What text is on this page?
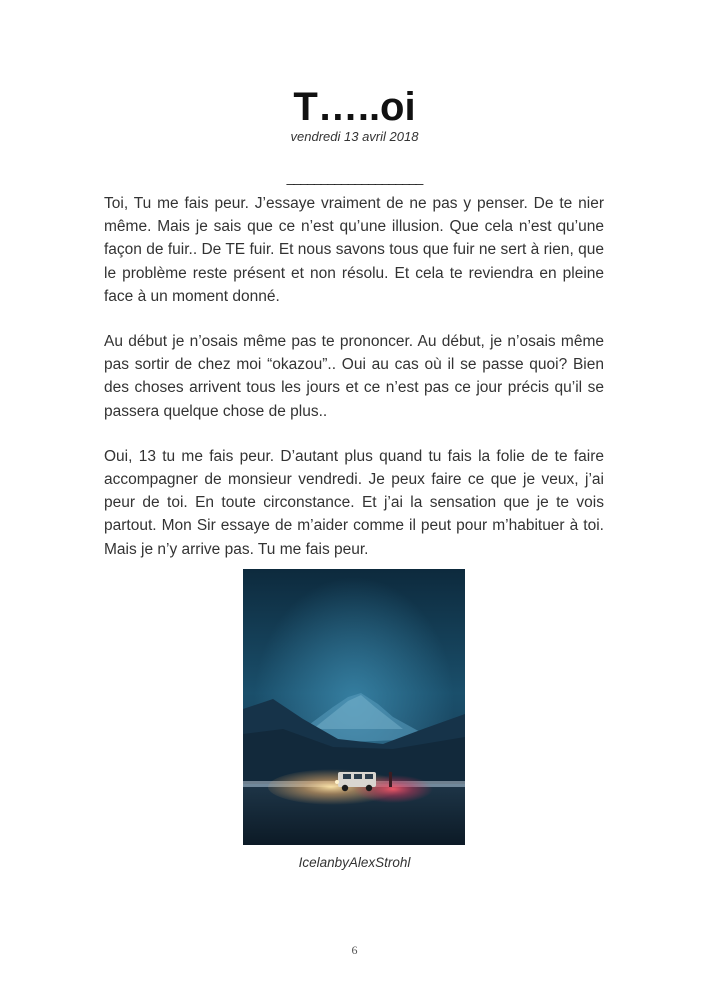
T…..oi
vendredi 13 avril 2018
____________________

Toi, Tu me fais peur. J’essaye vraiment de ne pas y penser. De te nier même. Mais je sais que ce n’est qu’une illusion. Que cela n’est qu’une façon de fuir.. De TE fuir. Et nous savons tous que fuir ne sert à rien, que le problème reste présent et non résolu. Et cela te reviendra en pleine face à un moment donné.

Au début je n’osais même pas te prononcer. Au début, je n’osais même pas sortir de chez moi “okazou”.. Oui au cas où il se passe quoi? Bien des choses arrivent tous les jours et ce n’est pas ce jour précis qu’il se passera quelque chose de plus..

Oui, 13 tu me fais peur. D’autant plus quand tu fais la folie de te faire accompagner de monsieur vendredi. Je peux faire ce que je veux, j’ai peur de toi. En toute circonstance. Et j’ai la sensation que je te vois partout. Mon Sir essaye de m’aider comme il peut pour m’habituer à toi. Mais je n’y arrive pas. Tu me fais peur.

IcelanbyAlexStrohl
6
